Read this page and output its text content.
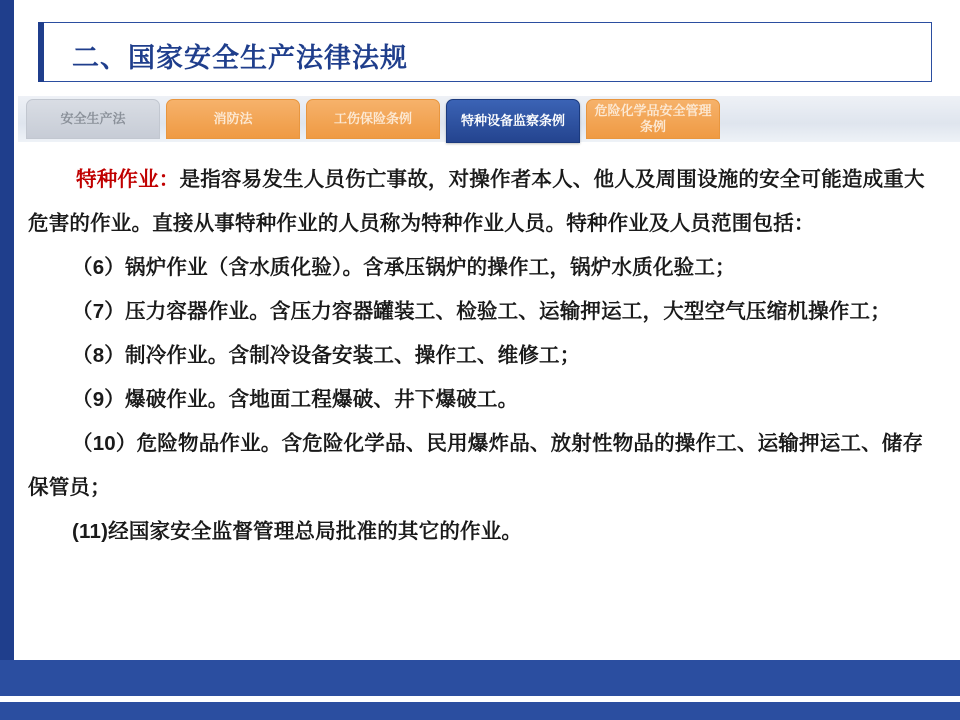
二、国家安全生产法律法规
安全生产法	消防法	工伤保险条例	特种设备监察条例
危险化学品安全管理条例

特种作业：是指容易发生人员伤亡事故，对操作者本人、他人及周围设施的安全可能造成重大危害的作业。直接从事特种作业的人员称为特种作业人员。特种作业及人员范围包括：

（6）锅炉作业（含水质化验）。含承压锅炉的操作工，锅炉水质化验工；

（7）压力容器作业。含压力容器罐装工、检验工、运输押运工，大型空气压缩机操作工；

（8）制冷作业。含制冷设备安装工、操作工、维修工；

（9）爆破作业。含地面工程爆破、井下爆破工。

（10）危险物品作业。含危险化学品、民用爆炸品、放射性物品的操作工、运输押运工、储存保管员；

(11)经国家安全监督管理总局批准的其它的作业。
